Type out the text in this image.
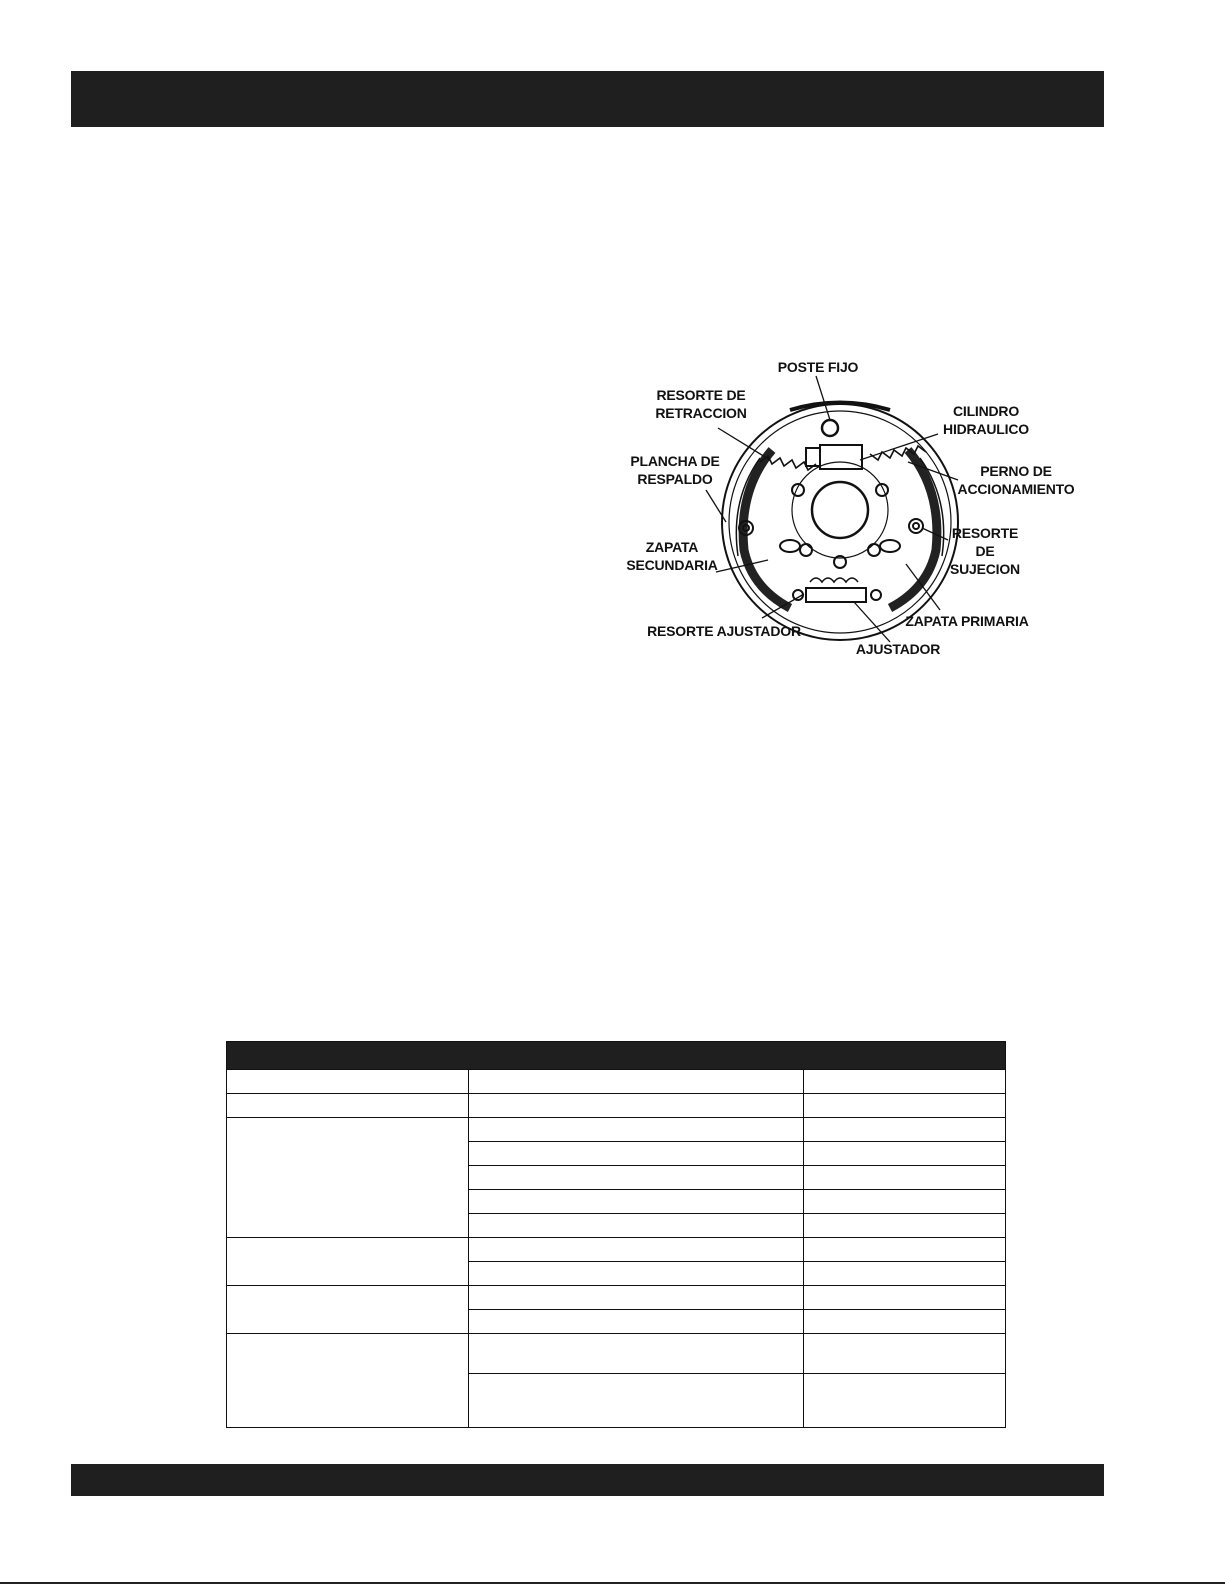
POSTE FIJO
RESORTE DE
RETRACCION	CILINDRO
HIDRAULICO
PLANCHA DE
RESPALDO	PERNO DE
ACCIONAMIENTO
RESORTE
DE
SUJECION
ZAPATA
SECUNDARIA
ZAPATA PRIMARIA
RESORTE AJUSTADOR
AJUSTADOR
